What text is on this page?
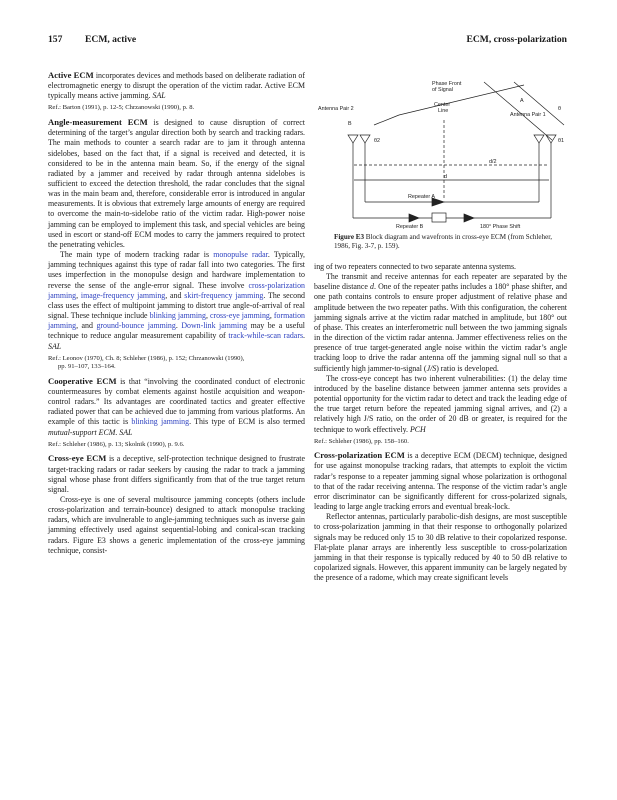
157 ECM, active	ECM, cross-polarization

Active ECM incorporates devices and methods based on deliberate radiation of electromagnetic energy to disrupt the operation of the victim radar. Active ECM typically means active jamming. SAL

Ref.: Barton (1991), p. 12-5; Chrzanowski (1990), p. 8.

Angle-measurement ECM is designed to cause disruption of correct determining of the target’s angular direction both by search and tracking radars. The main methods to counter a search radar are to jam it through antenna sidelobes, based on the fact that, if a signal is received and detected, it is considered to be in the antenna main beam. So, if the energy of the signal radiated by a jammer and received by radar through antenna sidelobes is sufficient to exceed the detection threshold, the radar concludes that the signal was in the main beam and, therefore, considerable error is introduced in angular measurements. It is obvious that extremely large amounts of energy are required to overcome the main-to-sidelobe ratio of the victim radar. High-power noise jamming can be employed to implement this task, and special vehicles are being used in escort or stand-off ECM modes to carry the jammers required to protect the penetrating vehicles.

The main type of modern tracking radar is monopulse radar. Typically, jamming techniques against this type of radar fall into two categories. The first uses imperfection in the monopulse design and hardware implementation to reverse the sense of the angle-error signal. These involve cross-polarization jamming, image-frequency jamming, and skirt-frequency jamming. The second class uses the effect of multipoint jamming to distort true angle-of-arrival of real signal. These technique include blinking jamming, cross-eye jamming, formation jamming, and ground-bounce jamming. Down-link jamming may be a useful technique to reduce angular measurement capability of track-while-scan radars. SAL

Ref.: Leonov (1970), Ch. 8; Schleher (1986), p. 152; Chrzanowski (1990),
pp. 91–107, 133–164.

Cooperative ECM is that “involving the coordinated conduct of electronic countermeasures by combat elements against hostile acquisition and weapon-control radars.” Its advantages are coordinated tactics and greater effective radiated power that can be achieved due to jamming from various platforms. An example of this tactic is blinking jamming. This type of ECM is also termed mutual-support ECM. SAL

Ref.: Schleher (1986), p. 13; Skolnik (1990), p. 9.6.

Cross-eye ECM is a deceptive, self-protection technique designed to frustrate target-tracking radars or radar seekers by causing the radar to track a jamming signal whose phase front differs significantly from that of the true target return signal.

Cross-eye is one of several multisource jamming concepts (others include cross-polarization and terrain-bounce) designed to attack monopulse tracking radars, which are invulnerable to angle-jamming techniques such as inverse gain jamming effectively used against sequential-lobing and conical-scan tracking radars. Figure E3 shows a generic implementation of the cross-eye jamming technique, consist-

Phase Front
of Signal
Antenna Pair 2
Center
Line
Antenna Pair 1
B
A
θ
θ2	θ1
d/2
d
Repeater A
Repeater B	180° Phase Shift

Figure E3 Block diagram and wavefronts in cross-eye ECM (from Schleher, 1986, Fig. 3-7, p. 159).

ing of two repeaters connected to two separate antenna systems.

The transmit and receive antennas for each repeater are separated by the baseline distance d. One of the repeater paths includes a 180° phase shifter, and one path contains controls to ensure proper adjustment of relative phase and amplitude between the two repeater paths. With this configuration, the coherent jamming signals arrive at the victim radar matched in amplitude, but 180° out of phase. This creates an interferometric null between the two jamming signals in the direction of the victim radar antenna. Jammer effectiveness relies on the presence of true target-generated angle noise within the victim radar’s angle tracking loop to drive the radar antenna off the jamming signal null so that a sufficiently high jammer-to-signal (J/S) ratio is developed.

The cross-eye concept has two inherent vulnerabilities: (1) the delay time introduced by the baseline distance between jammer antenna sets provides a potential opportunity for the victim radar to detect and track the leading edge of the true target return before the repeated jamming signal arrives, and (2) a relatively high J/S ratio, on the order of 20 dB or greater, is required for the technique to work effectively. PCH

Ref.: Schleher (1986), pp. 158–160.

Cross-polarization ECM is a deceptive ECM (DECM) technique, designed for use against monopulse tracking radars, that attempts to exploit the victim radar’s response to a repeater jamming signal whose polarization is orthogonal to that of the radar receiving antenna. The response of the victim radar’s angle error discriminator can be significantly different for cross-polarized signals, leading to large angle tracking errors and eventual break-lock.

Reflector antennas, particularly parabolic-dish designs, are most susceptible to cross-polarization jamming in that their response to orthogonally polarized signals may be reduced only 15 to 30 dB relative to their copolarized response. Flat-plate planar arrays are inherently less susceptible to cross-polarization jamming in that their response is typically reduced by 40 to 50 dB relative to copolarized signals. However, this apparent immunity can be largely negated by the presence of a radome, which may create significant levels
